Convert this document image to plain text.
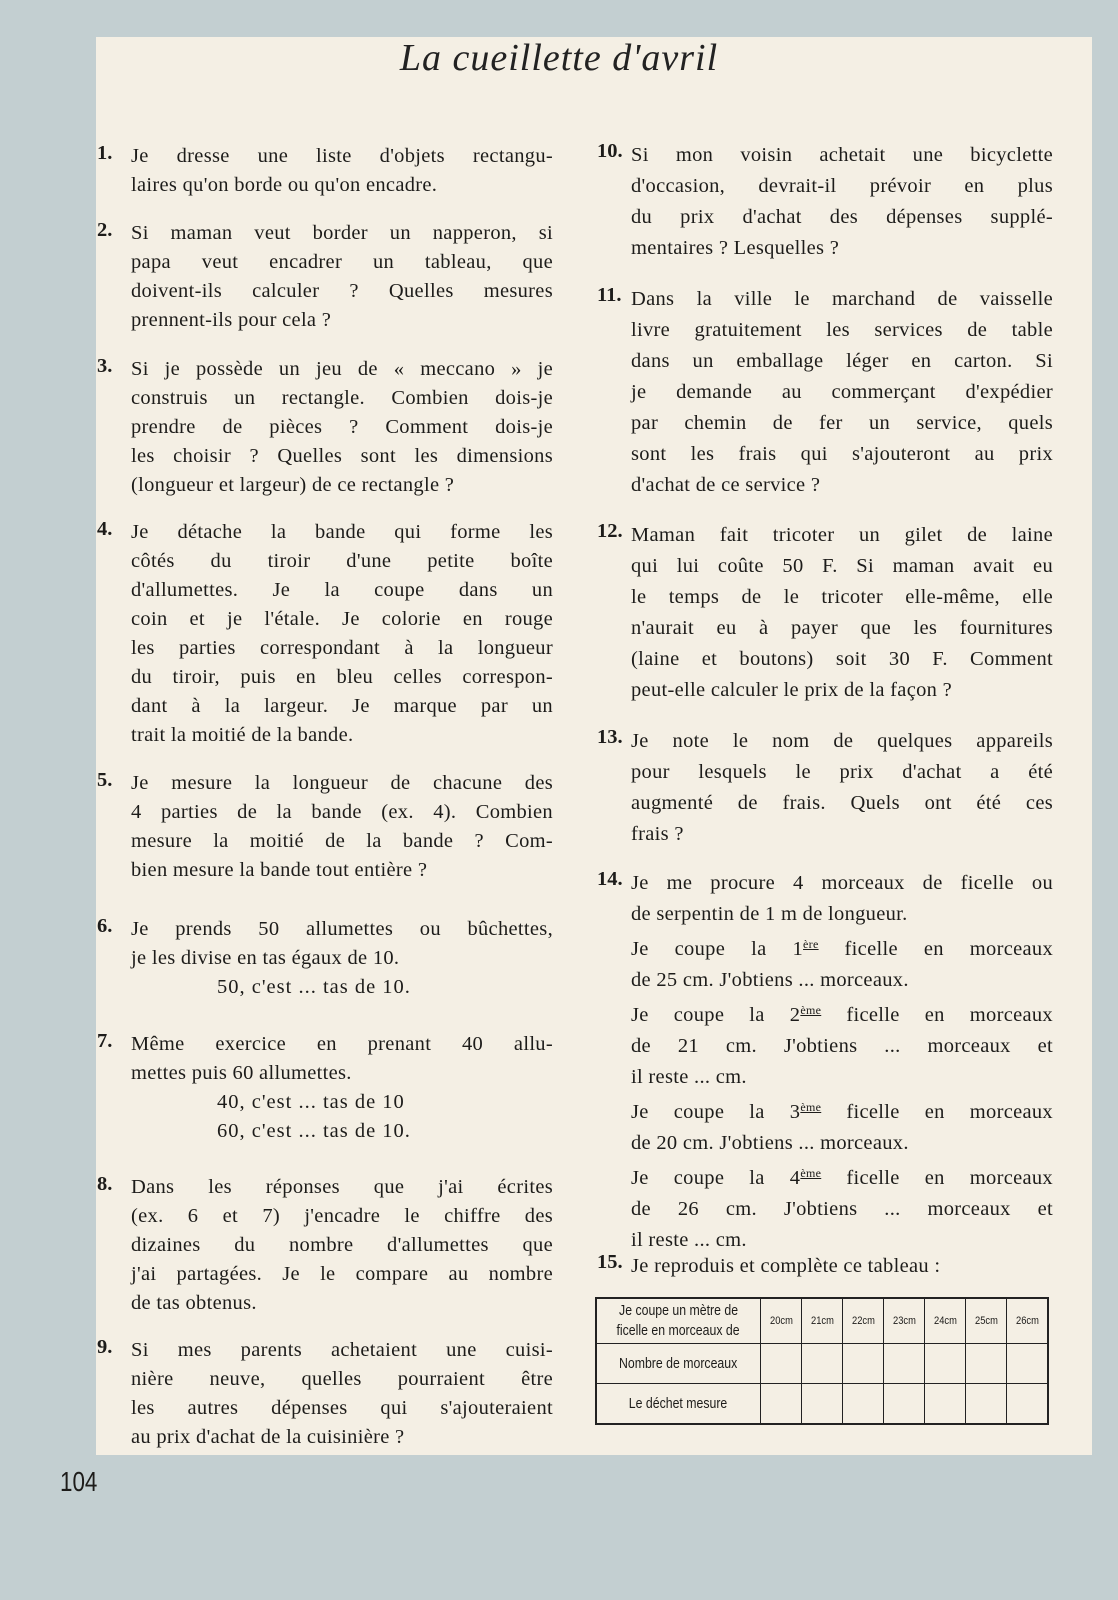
La cueillette d'avril
1. Je dresse une liste d'objets rectangu-
laires qu'on borde ou qu'on encadre.
2. Si maman veut border un napperon, si
papa veut encadrer un tableau, que
doivent-ils calculer ? Quelles mesures
prennent-ils pour cela ?
3. Si je possède un jeu de « meccano » je
construis un rectangle. Combien dois-je
prendre de pièces ? Comment dois-je
les choisir ? Quelles sont les dimensions
(longueur et largeur) de ce rectangle ?
4. Je détache la bande qui forme les
côtés du tiroir d'une petite boîte
d'allumettes. Je la coupe dans un
coin et je l'étale. Je colorie en rouge
les parties correspondant à la longueur
du tiroir, puis en bleu celles correspon-
dant à la largeur. Je marque par un
trait la moitié de la bande.
5. Je mesure la longueur de chacune des
4 parties de la bande (ex. 4). Combien
mesure la moitié de la bande ? Com-
bien mesure la bande tout entière ?
6. Je prends 50 allumettes ou bûchettes,
je les divise en tas égaux de 10.
50, c'est ... tas de 10.
7. Même exercice en prenant 40 allu-
mettes puis 60 allumettes.
40, c'est ... tas de 10
60, c'est ... tas de 10.
8. Dans les réponses que j'ai écrites
(ex. 6 et 7) j'encadre le chiffre des
dizaines du nombre d'allumettes que
j'ai partagées. Je le compare au nombre
de tas obtenus.
9. Si mes parents achetaient une cuisi-
nière neuve, quelles pourraient être
les autres dépenses qui s'ajouteraient
au prix d'achat de la cuisinière ?
10. Si mon voisin achetait une bicyclette
d'occasion, devrait-il prévoir en plus
du prix d'achat des dépenses supplé-
mentaires ? Lesquelles ?
11. Dans la ville le marchand de vaisselle
livre gratuitement les services de table
dans un emballage léger en carton. Si
je demande au commerçant d'expédier
par chemin de fer un service, quels
sont les frais qui s'ajouteront au prix
d'achat de ce service ?
12. Maman fait tricoter un gilet de laine
qui lui coûte 50 F. Si maman avait eu
le temps de le tricoter elle-même, elle
n'aurait eu à payer que les fournitures
(laine et boutons) soit 30 F. Comment
peut-elle calculer le prix de la façon ?
13. Je note le nom de quelques appareils
pour lesquels le prix d'achat a été
augmenté de frais. Quels ont été ces
frais ?
14. Je me procure 4 morceaux de ficelle ou
de serpentin de 1 m de longueur.
Je coupe la 1ère ficelle en morceaux
de 25 cm. J'obtiens ... morceaux.
Je coupe la 2ème ficelle en morceaux
de 21 cm. J'obtiens ... morceaux et
il reste ... cm.
Je coupe la 3ème ficelle en morceaux
de 20 cm. J'obtiens ... morceaux.
Je coupe la 4ème ficelle en morceaux
de 26 cm. J'obtiens ... morceaux et
il reste ... cm.
15. Je reproduis et complète ce tableau :
Je coupe un mètre de
ficelle en morceaux de	20cm	21cm	22cm	23cm	24cm	25cm	26cm
Nombre de morceaux							
Le déchet mesure							
104
